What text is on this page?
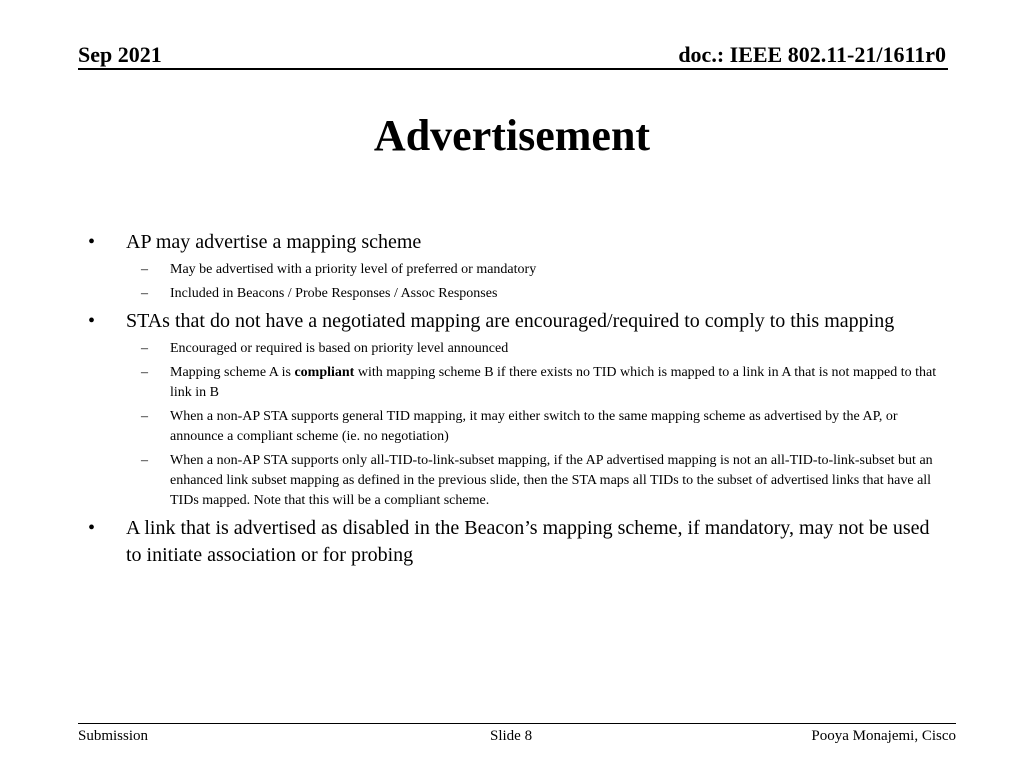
Sep 2021	doc.: IEEE 802.11-21/1611r0
Advertisement
• AP may advertise a mapping scheme
– May be advertised with a priority level of preferred or mandatory
– Included in Beacons / Probe Responses / Assoc Responses
• STAs that do not have a negotiated mapping are encouraged/required to comply to this mapping
– Encouraged or required is based on priority level announced
– Mapping scheme A is compliant with mapping scheme B if there exists no TID which is mapped to a link in A that is not mapped to that link in B
– When a non-AP STA supports general TID mapping, it may either switch to the same mapping scheme as advertised by the AP, or announce a compliant scheme (ie. no negotiation)
– When a non-AP STA supports only all-TID-to-link-subset mapping, if the AP advertised mapping is not an all-TID-to-link-subset but an enhanced link subset mapping as defined in the previous slide, then the STA maps all TIDs to the subset of advertised links that have all TIDs mapped. Note that this will be a compliant scheme.
• A link that is advertised as disabled in the Beacon’s mapping scheme, if mandatory, may not be used to initiate association or for probing
Submission	Slide 8	Pooya Monajemi, Cisco
